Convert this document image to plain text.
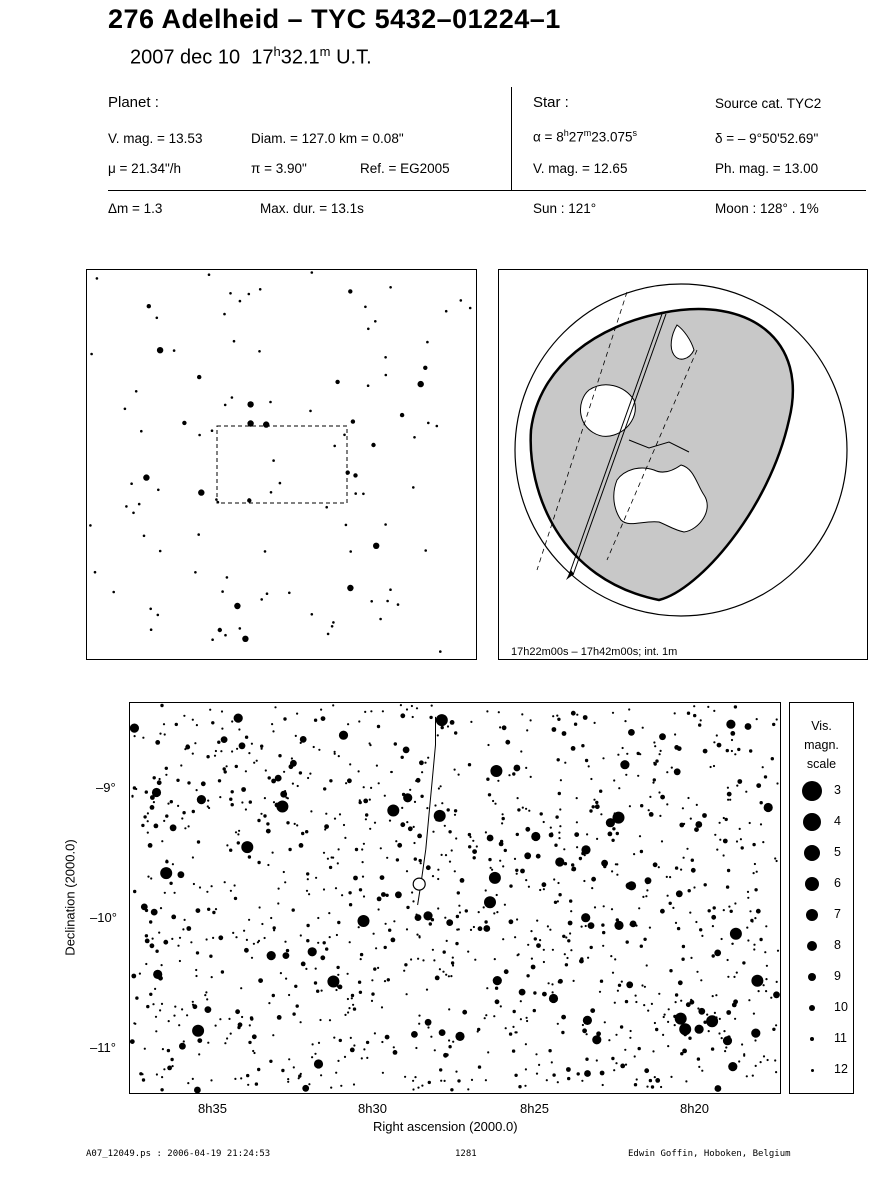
276 Adelheid – TYC 5432–01224–1
2007 dec 10 17$^h$32.1$^m$ U.T.
Planet :
V. mag. = 13.53	Diam. = 127.0 km = 0.08"
μ = 21.34"/h	π = 3.90"	Ref. = EG2005
Star :	Source cat. TYC2
$\alpha = 8^h27^m23.075^s$	δ = – 9°50'52.69"
V. mag. = 12.65	Ph. mag. = 13.00
Δm = 1.3	Max. dur. = 13.1s	Sun : 121°	Moon : 128° . 1%
17h22m00s – 17h42m00s; int. 1m
–9°
–10°
–11°
8h35	8h30	8h25	8h20
Right ascension (2000.0)
Declination (2000.0)
Vis.
magn.
scale
3
4
5
6
7
8
9
10
11
12
A07_12049.ps : 2006-04-19 21:24:53	1281	Edwin Goffin, Hoboken, Belgium
